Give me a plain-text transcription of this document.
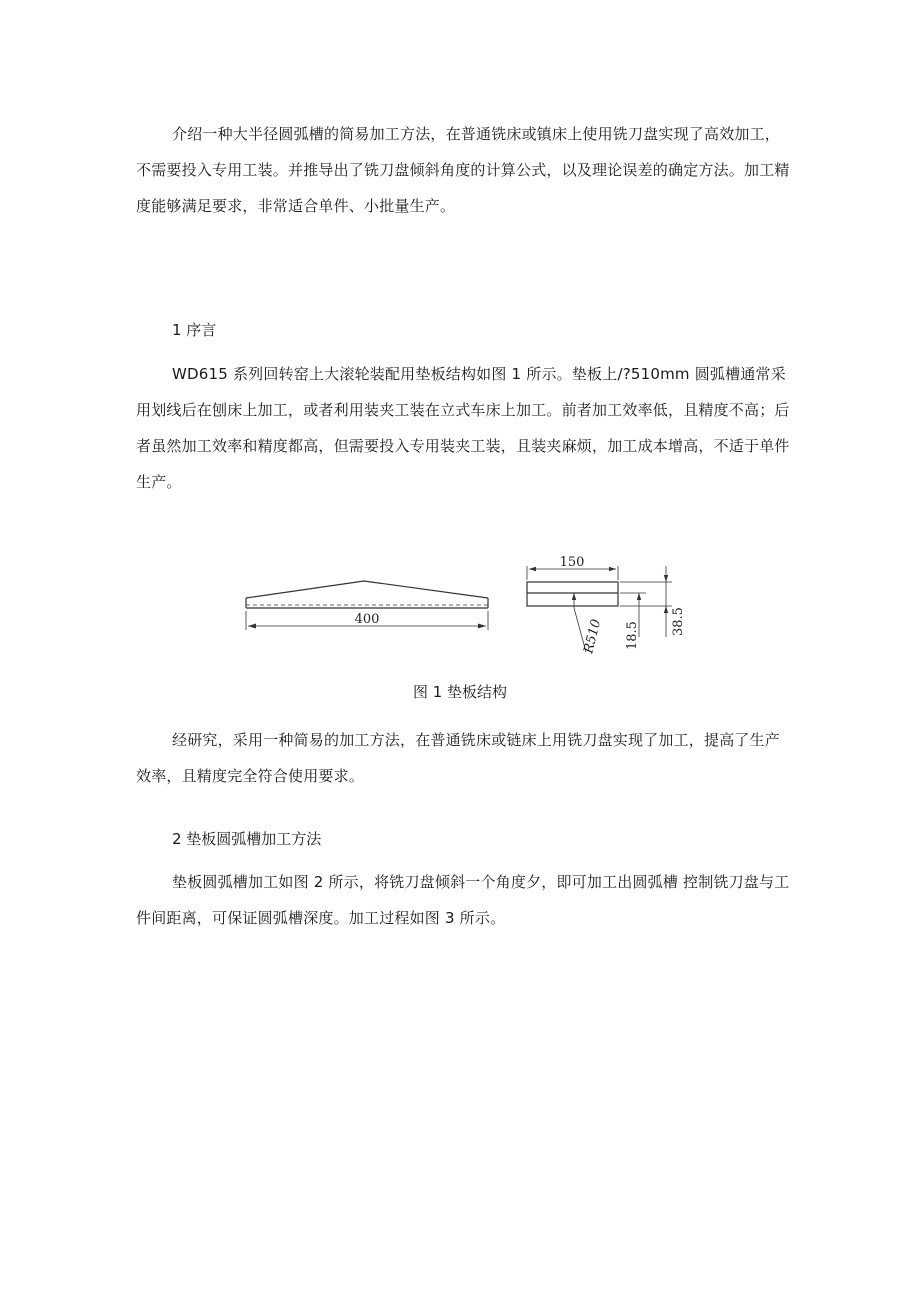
介绍一种大半径圆弧槽的简易加工方法，在普通铣床或镇床上使用铣刀盘实现了高效加工，不需要投入专用工装。并推导出了铣刀盘倾斜角度的计算公式，以及理论误差的确定方法。加工精度能够满足要求，非常适合单件、小批量生产。

1 序言

WD615 系列回转窑上大滚轮装配用垫板结构如图 1 所示。垫板上/?510mm 圆弧槽通常采用划线后在刨床上加工，或者利用装夹工装在立式车床上加工。前者加工效率低，且精度不高；后者虽然加工效率和精度都高，但需要投入专用装夹工装，且装夹麻烦，加工成本增高，不适于单件生产。

400
150
R510 18.5 38.5

图 1 垫板结构

经研究，采用一种简易的加工方法，在普通铣床或链床上用铣刀盘实现了加工，提高了生产效率，且精度完全符合使用要求。

2 垫板圆弧槽加工方法

垫板圆弧槽加工如图 2 所示，将铣刀盘倾斜一个角度夕，即可加工出圆弧槽 控制铣刀盘与工件间距离，可保证圆弧槽深度。加工过程如图 3 所示。
